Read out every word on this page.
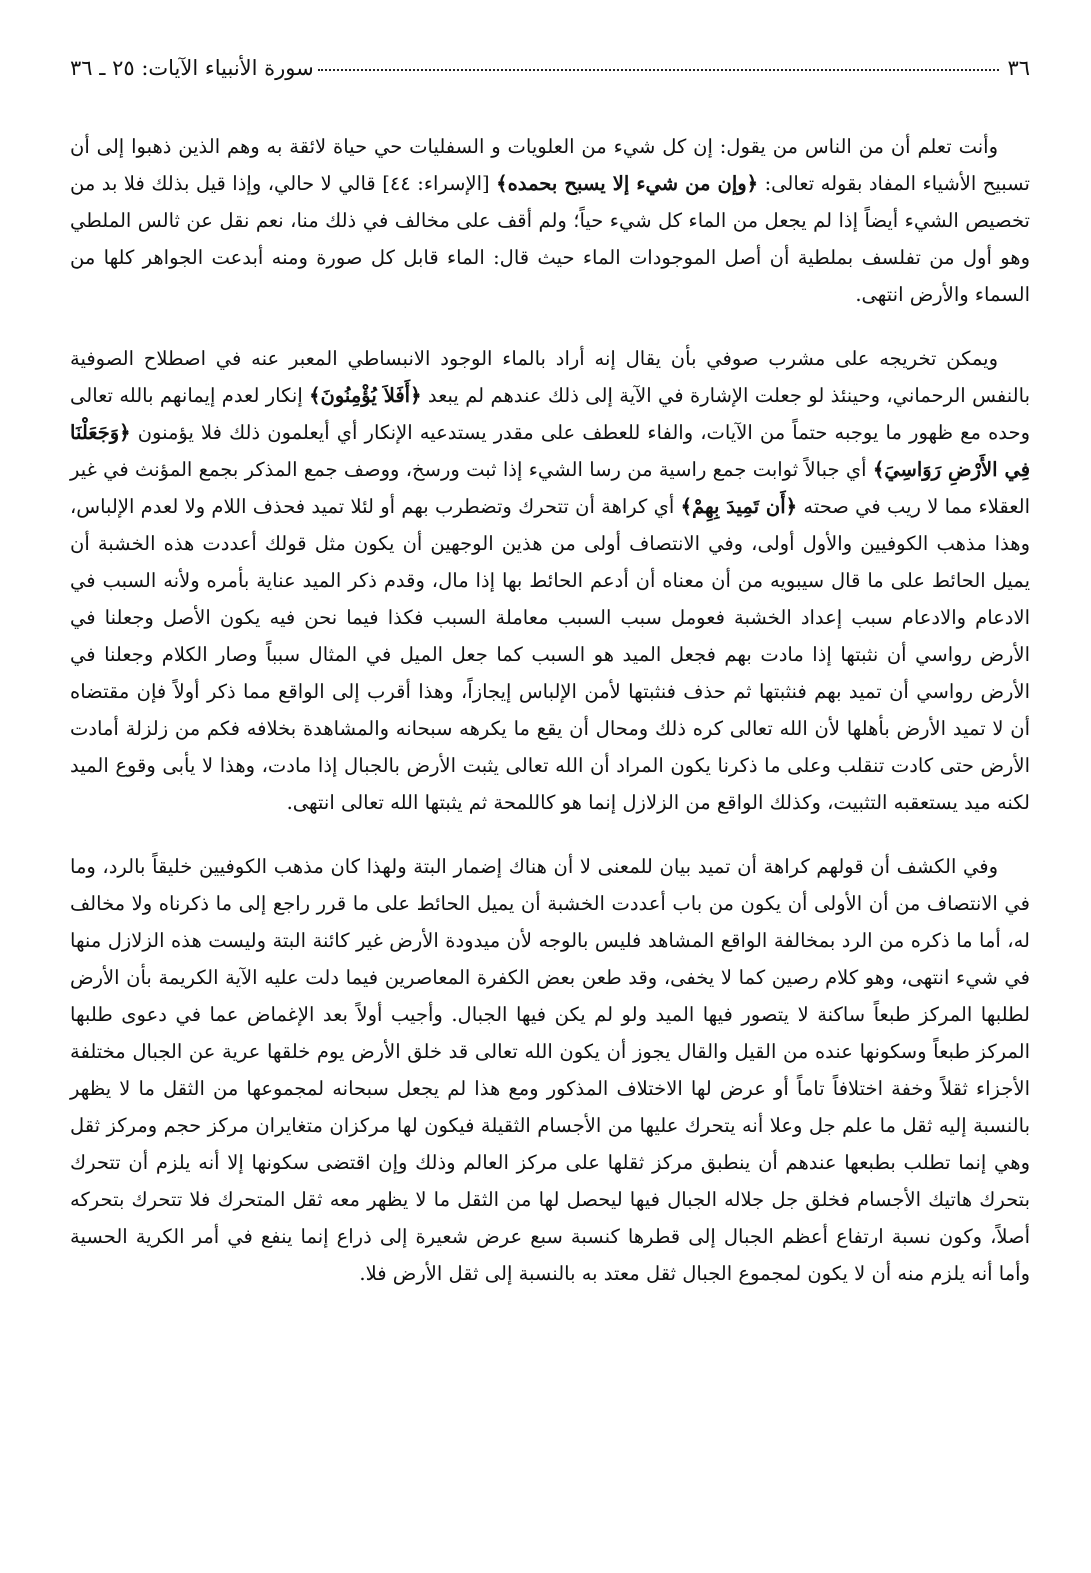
٣٦
سورة الأنبياء الآيات: ٢٥ ـ ٣٦

وأنت تعلم أن من الناس من يقول: إن كل شيء من العلويات و السفليات حي حياة لائقة به وهم الذين ذهبوا إلى أن تسبيح الأشياء المفاد بقوله تعالى: ﴿وإن من شيء إلا يسبح بحمده﴾ [الإسراء: ٤٤] قالي لا حالي، وإذا قيل بذلك فلا بد من تخصيص الشيء أيضاً إذا لم يجعل من الماء كل شيء حياً؛ ولم أقف على مخالف في ذلك منا، نعم نقل عن ثالس الملطي وهو أول من تفلسف بملطية أن أصل الموجودات الماء حيث قال: الماء قابل كل صورة ومنه أبدعت الجواهر كلها من السماء والأرض انتهى.

ويمكن تخريجه على مشرب صوفي بأن يقال إنه أراد بالماء الوجود الانبساطي المعبر عنه في اصطلاح الصوفية بالنفس الرحماني، وحينئذ لو جعلت الإشارة في الآية إلى ذلك عندهم لم يبعد ﴿أَفَلاَ يُؤْمِنُونَ﴾ إنكار لعدم إيمانهم بالله تعالى وحده مع ظهور ما يوجبه حتماً من الآيات، والفاء للعطف على مقدر يستدعيه الإنكار أي أيعلمون ذلك فلا يؤمنون ﴿وَجَعَلْنَا فِي الأَرْضِ رَوَاسِيَ﴾ أي جبالاً ثوابت جمع راسية من رسا الشيء إذا ثبت ورسخ، ووصف جمع المذكر بجمع المؤنث في غير العقلاء مما لا ريب في صحته ﴿أَن تَمِيدَ بِهِمْ﴾ أي كراهة أن تتحرك وتضطرب بهم أو لئلا تميد فحذف اللام ولا لعدم الإلباس، وهذا مذهب الكوفيين والأول أولى، وفي الانتصاف أولى من هذين الوجهين أن يكون مثل قولك أعددت هذه الخشبة أن يميل الحائط على ما قال سيبويه من أن معناه أن أدعم الحائط بها إذا مال، وقدم ذكر الميد عناية بأمره ولأنه السبب في الادعام والادعام سبب إعداد الخشبة فعومل سبب السبب معاملة السبب فكذا فيما نحن فيه يكون الأصل وجعلنا في الأرض رواسي أن نثبتها إذا مادت بهم فجعل الميد هو السبب كما جعل الميل في المثال سبباً وصار الكلام وجعلنا في الأرض رواسي أن تميد بهم فنثبتها ثم حذف فنثبتها لأمن الإلباس إيجازاً، وهذا أقرب إلى الواقع مما ذكر أولاً فإن مقتضاه أن لا تميد الأرض بأهلها لأن الله تعالى كره ذلك ومحال أن يقع ما يكرهه سبحانه والمشاهدة بخلافه فكم من زلزلة أمادت الأرض حتى كادت تنقلب وعلى ما ذكرنا يكون المراد أن الله تعالى يثبت الأرض بالجبال إذا مادت، وهذا لا يأبى وقوع الميد لكنه ميد يستعقبه التثبيت، وكذلك الواقع من الزلازل إنما هو كاللمحة ثم يثبتها الله تعالى انتهى.

وفي الكشف أن قولهم كراهة أن تميد بيان للمعنى لا أن هناك إضمار البتة ولهذا كان مذهب الكوفيين خليقاً بالرد، وما في الانتصاف من أن الأولى أن يكون من باب أعددت الخشبة أن يميل الحائط على ما قرر راجع إلى ما ذكرناه ولا مخالف له، أما ما ذكره من الرد بمخالفة الواقع المشاهد فليس بالوجه لأن ميدودة الأرض غير كائنة البتة وليست هذه الزلازل منها في شيء انتهى، وهو كلام رصين كما لا يخفى، وقد طعن بعض الكفرة المعاصرين فيما دلت عليه الآية الكريمة بأن الأرض لطلبها المركز طبعاً ساكنة لا يتصور فيها الميد ولو لم يكن فيها الجبال. وأجيب أولاً بعد الإغماض عما في دعوى طلبها المركز طبعاً وسكونها عنده من القيل والقال يجوز أن يكون الله تعالى قد خلق الأرض يوم خلقها عرية عن الجبال مختلفة الأجزاء ثقلاً وخفة اختلافاً تاماً أو عرض لها الاختلاف المذكور ومع هذا لم يجعل سبحانه لمجموعها من الثقل ما لا يظهر بالنسبة إليه ثقل ما علم جل وعلا أنه يتحرك عليها من الأجسام الثقيلة فيكون لها مركزان متغايران مركز حجم ومركز ثقل وهي إنما تطلب بطبعها عندهم أن ينطبق مركز ثقلها على مركز العالم وذلك وإن اقتضى سكونها إلا أنه يلزم أن تتحرك بتحرك هاتيك الأجسام فخلق جل جلاله الجبال فيها ليحصل لها من الثقل ما لا يظهر معه ثقل المتحرك فلا تتحرك بتحركه أصلاً، وكون نسبة ارتفاع أعظم الجبال إلى قطرها كنسبة سبع عرض شعيرة إلى ذراع إنما ينفع في أمر الكرية الحسية وأما أنه يلزم منه أن لا يكون لمجموع الجبال ثقل معتد به بالنسبة إلى ثقل الأرض فلا.
